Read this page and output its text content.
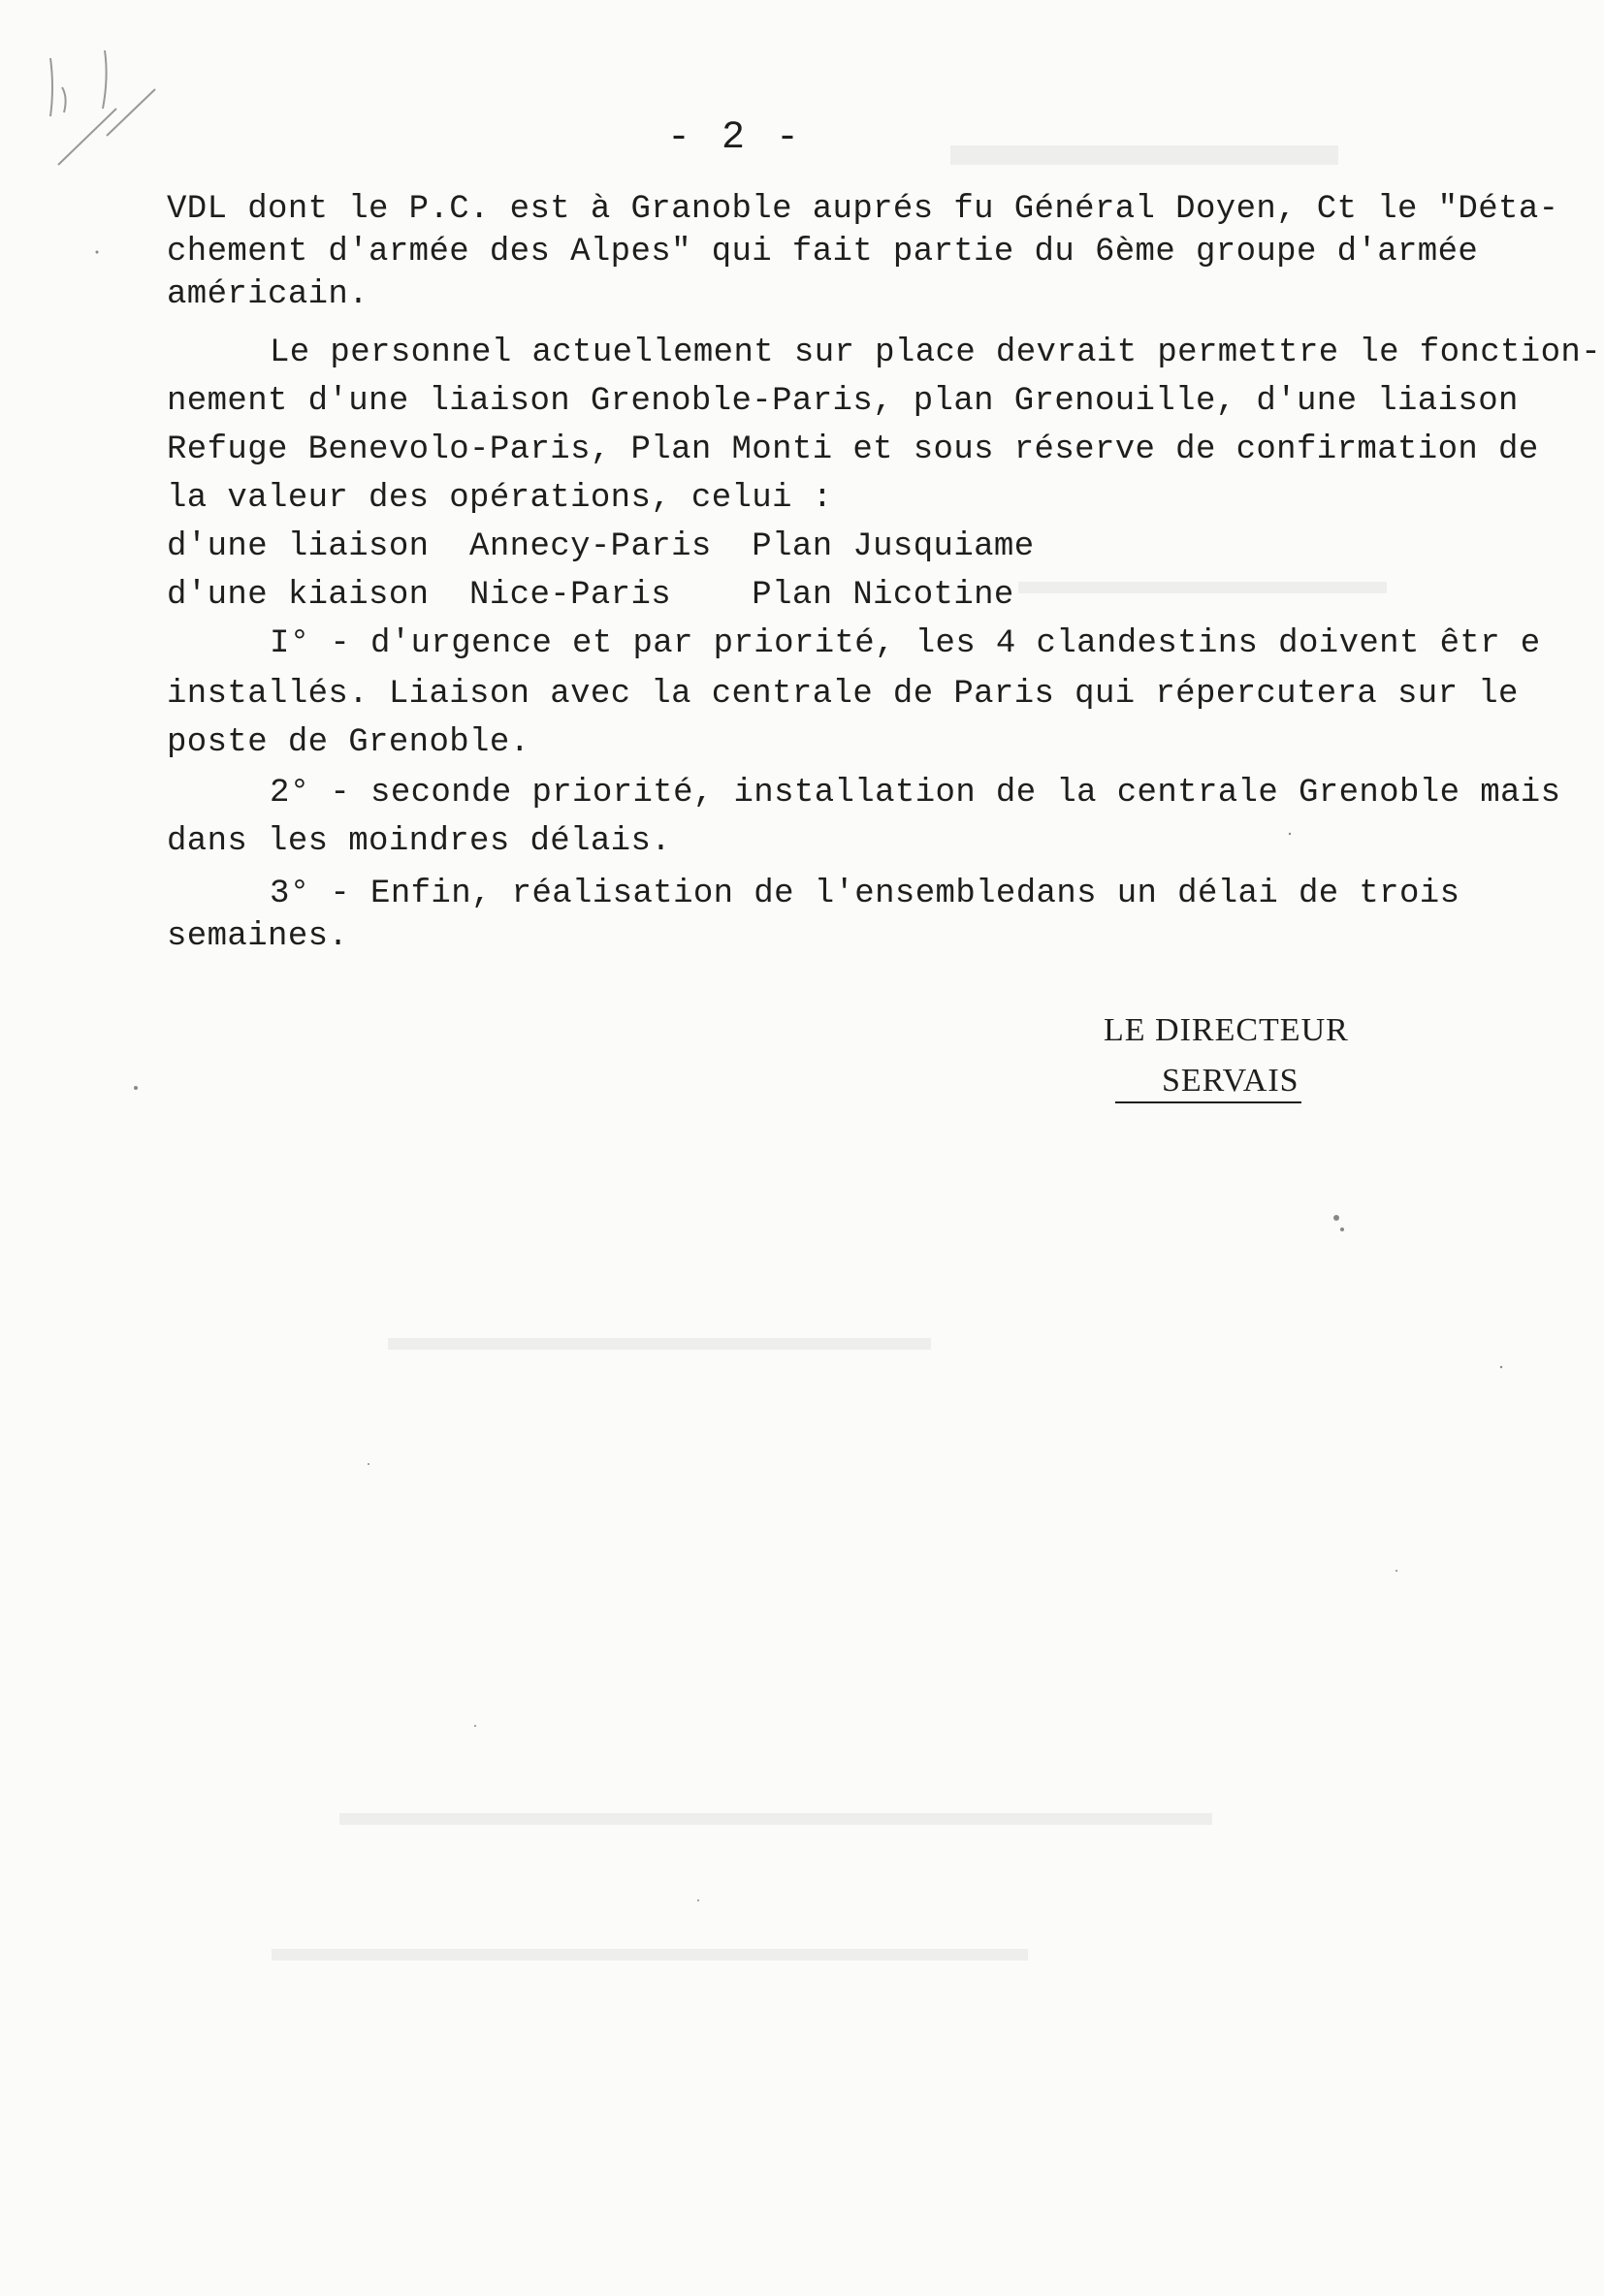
- 2 -
VDL dont le P.C. est à Granoble auprés fu Général Doyen, Ct le "Déta-
chement d'armée des Alpes" qui fait partie du 6ème groupe d'armée
américain.
Le personnel actuellement sur place devrait permettre le fonction-
nement d'une liaison Grenoble-Paris, plan Grenouille, d'une liaison
Refuge Benevolo-Paris, Plan Monti et sous réserve de confirmation de
la valeur des opérations, celui :
d'une liaison  Annecy-Paris  Plan Jusquiame
d'une kiaison  Nice-Paris    Plan Nicotine
I° - d'urgence et par priorité, les 4 clandestins doivent êtr e
installés. Liaison avec la centrale de Paris qui répercutera sur le
poste de Grenoble.
2° - seconde priorité, installation de la centrale Grenoble mais
dans les moindres délais.
3° - Enfin, réalisation de l'ensembledans un délai de trois
semaines.
LE DIRECTEUR
SERVAIS
